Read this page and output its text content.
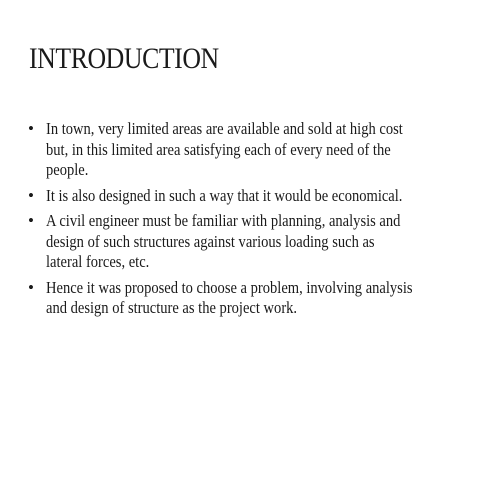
INTRODUCTION
• In town, very limited areas are available and sold at high cost
but, in this limited area satisfying each of every need of the
people.
• It is also designed in such a way that it would be economical.
• A civil engineer must be familiar with planning, analysis and
design of such structures against various loading such as
lateral forces, etc.
• Hence it was proposed to choose a problem, involving analysis
and design of structure as the project work.
